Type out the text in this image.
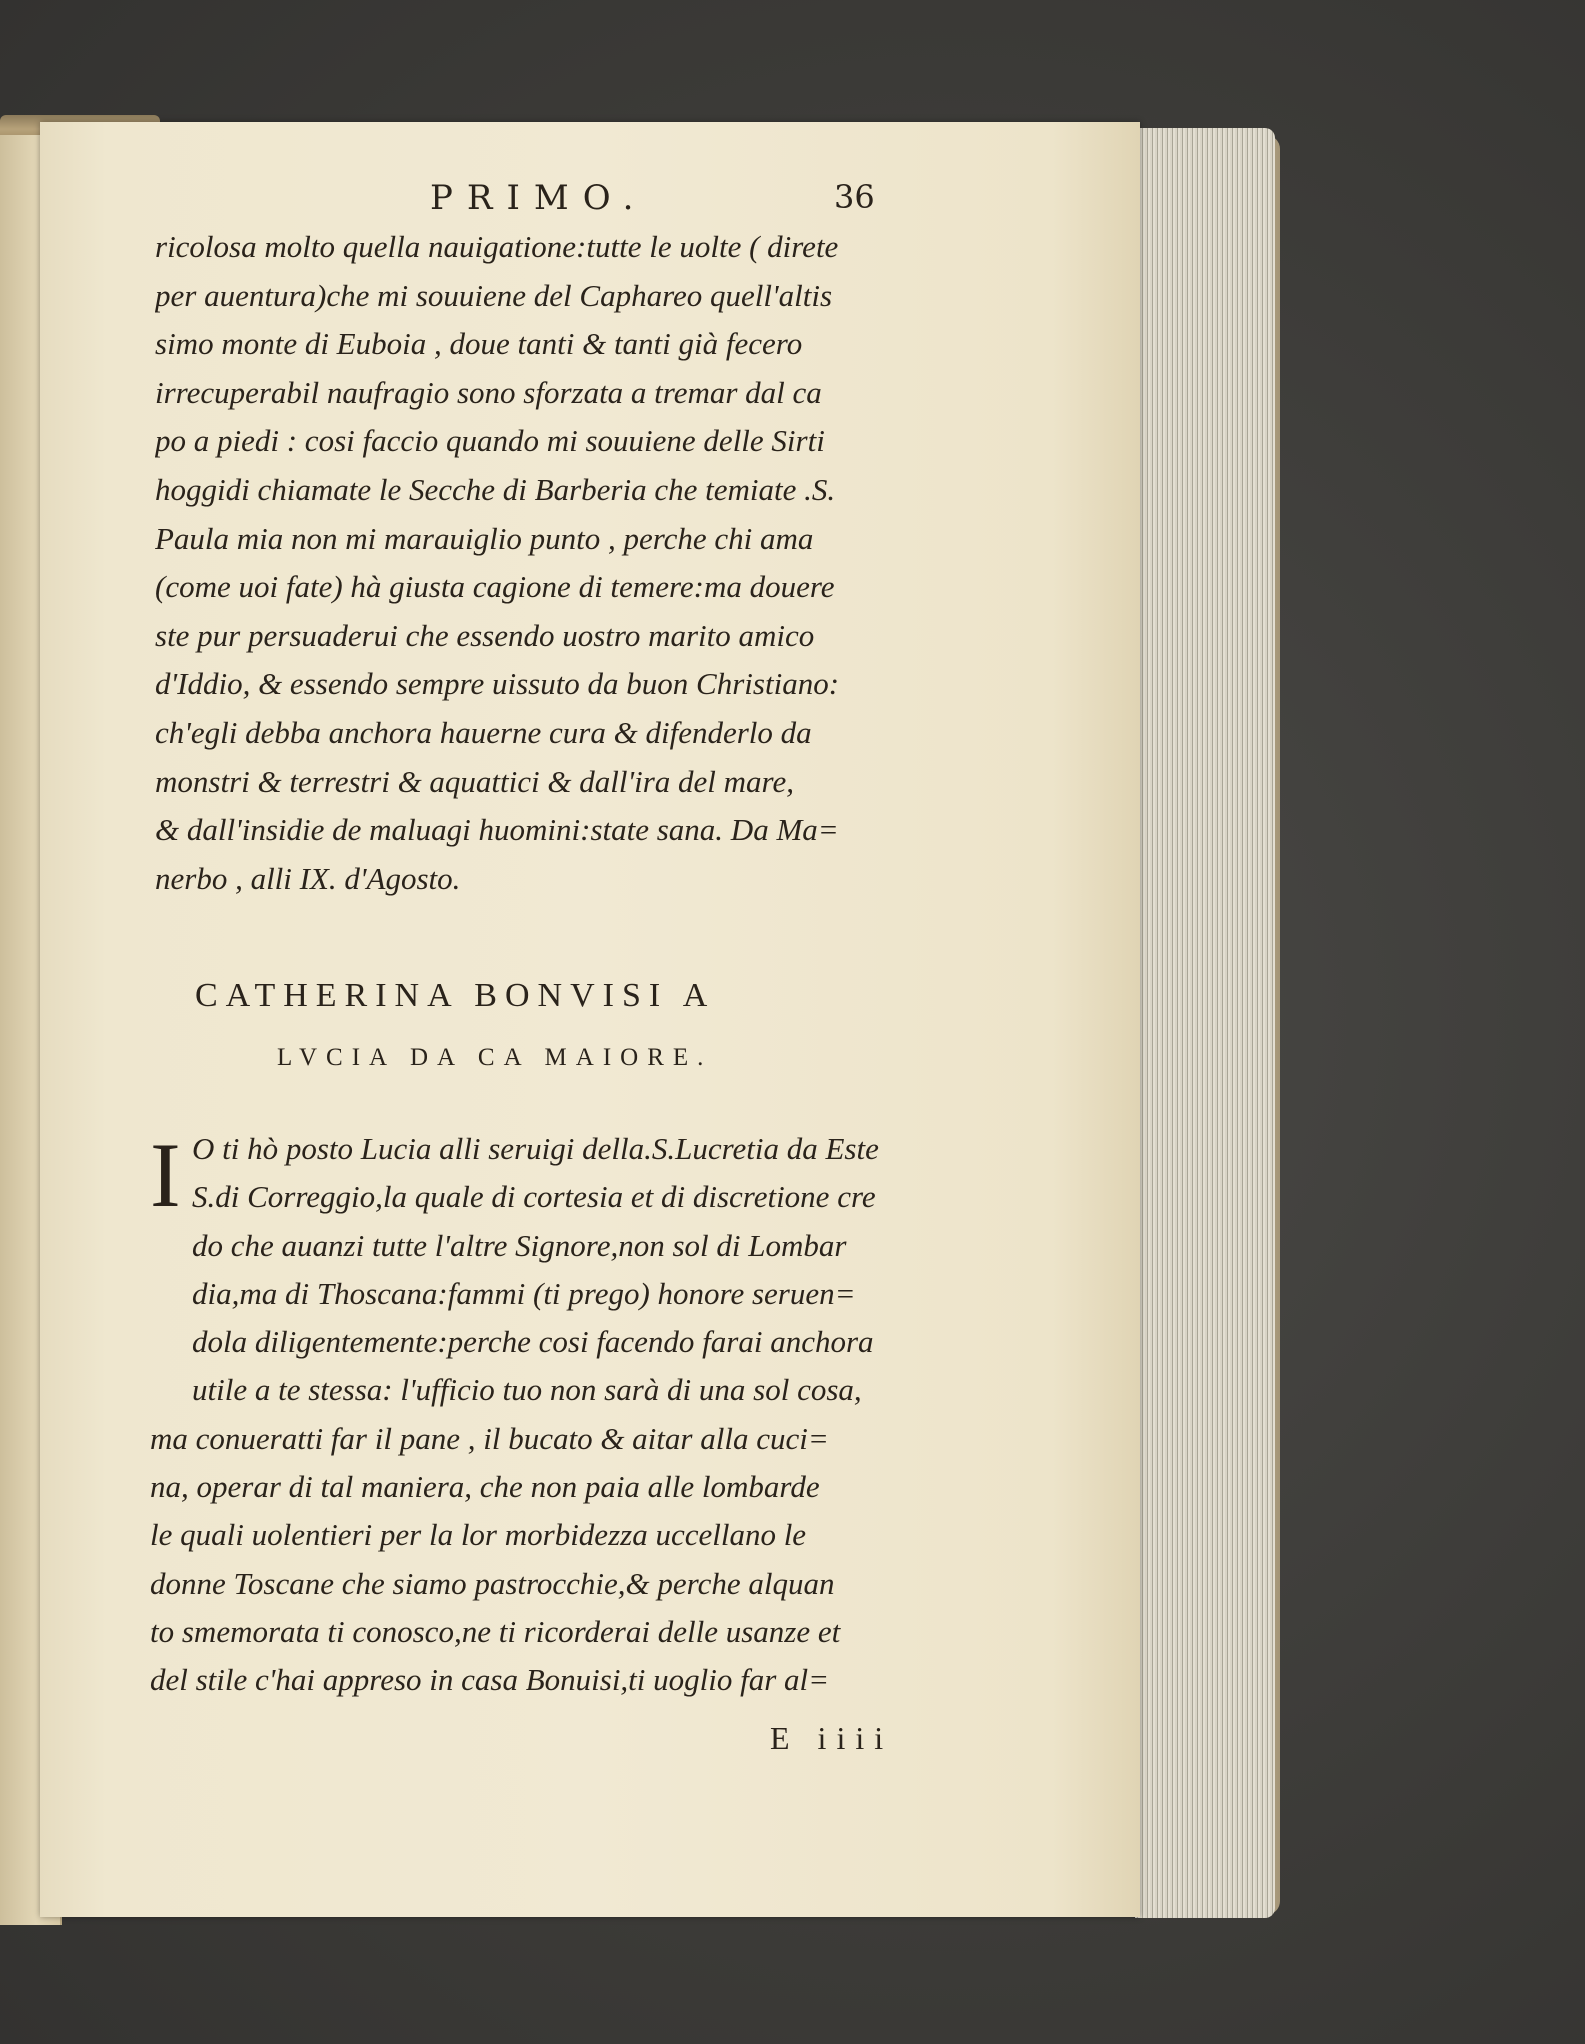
PRIMO.	36
ricolosa molto quella nauigatione:tutte le uolte ( direte
per auentura)che mi souuiene del Caphareo quell'altis
simo monte di Euboia , doue tanti & tanti già fecero
irrecuperabil naufragio sono sforzata a tremar dal ca
po a piedi : cosi faccio quando mi souuiene delle Sirti
hoggidi chiamate le Secche di Barberia che temiate .S.
Paula mia non mi marauiglio punto , perche chi ama
(come uoi fate) hà giusta cagione di temere:ma douere
ste pur persuaderui che essendo uostro marito amico
d'Iddio, & essendo sempre uissuto da buon Christiano:
ch'egli debba anchora hauerne cura & difenderlo da
monstri & terrestri & aquattici & dall'ira del mare,
& dall'insidie de maluagi huomini:state sana. Da Ma=
nerbo , alli IX. d'Agosto.
CATHERINA BONVISI A
LVCIA DA CA MAIORE.
I O ti hò posto Lucia alli seruigi della.S.Lucretia da Este
S.di Correggio,la quale di cortesia et di discretione cre
do che auanzi tutte l'altre Signore,non sol di Lombar
dia,ma di Thoscana:fammi (ti prego) honore seruen=
dola diligentemente:perche cosi facendo farai anchora
utile a te stessa: l'ufficio tuo non sarà di una sol cosa,
ma conueratti far il pane , il bucato & aitar alla cuci=
na, operar di tal maniera, che non paia alle lombarde
le quali uolentieri per la lor morbidezza uccellano le
donne Toscane che siamo pastrocchie,& perche alquan
to smemorata ti conosco,ne ti ricorderai delle usanze et
del stile c'hai appreso in casa Bonuisi,ti uoglio far al=
E iiii
